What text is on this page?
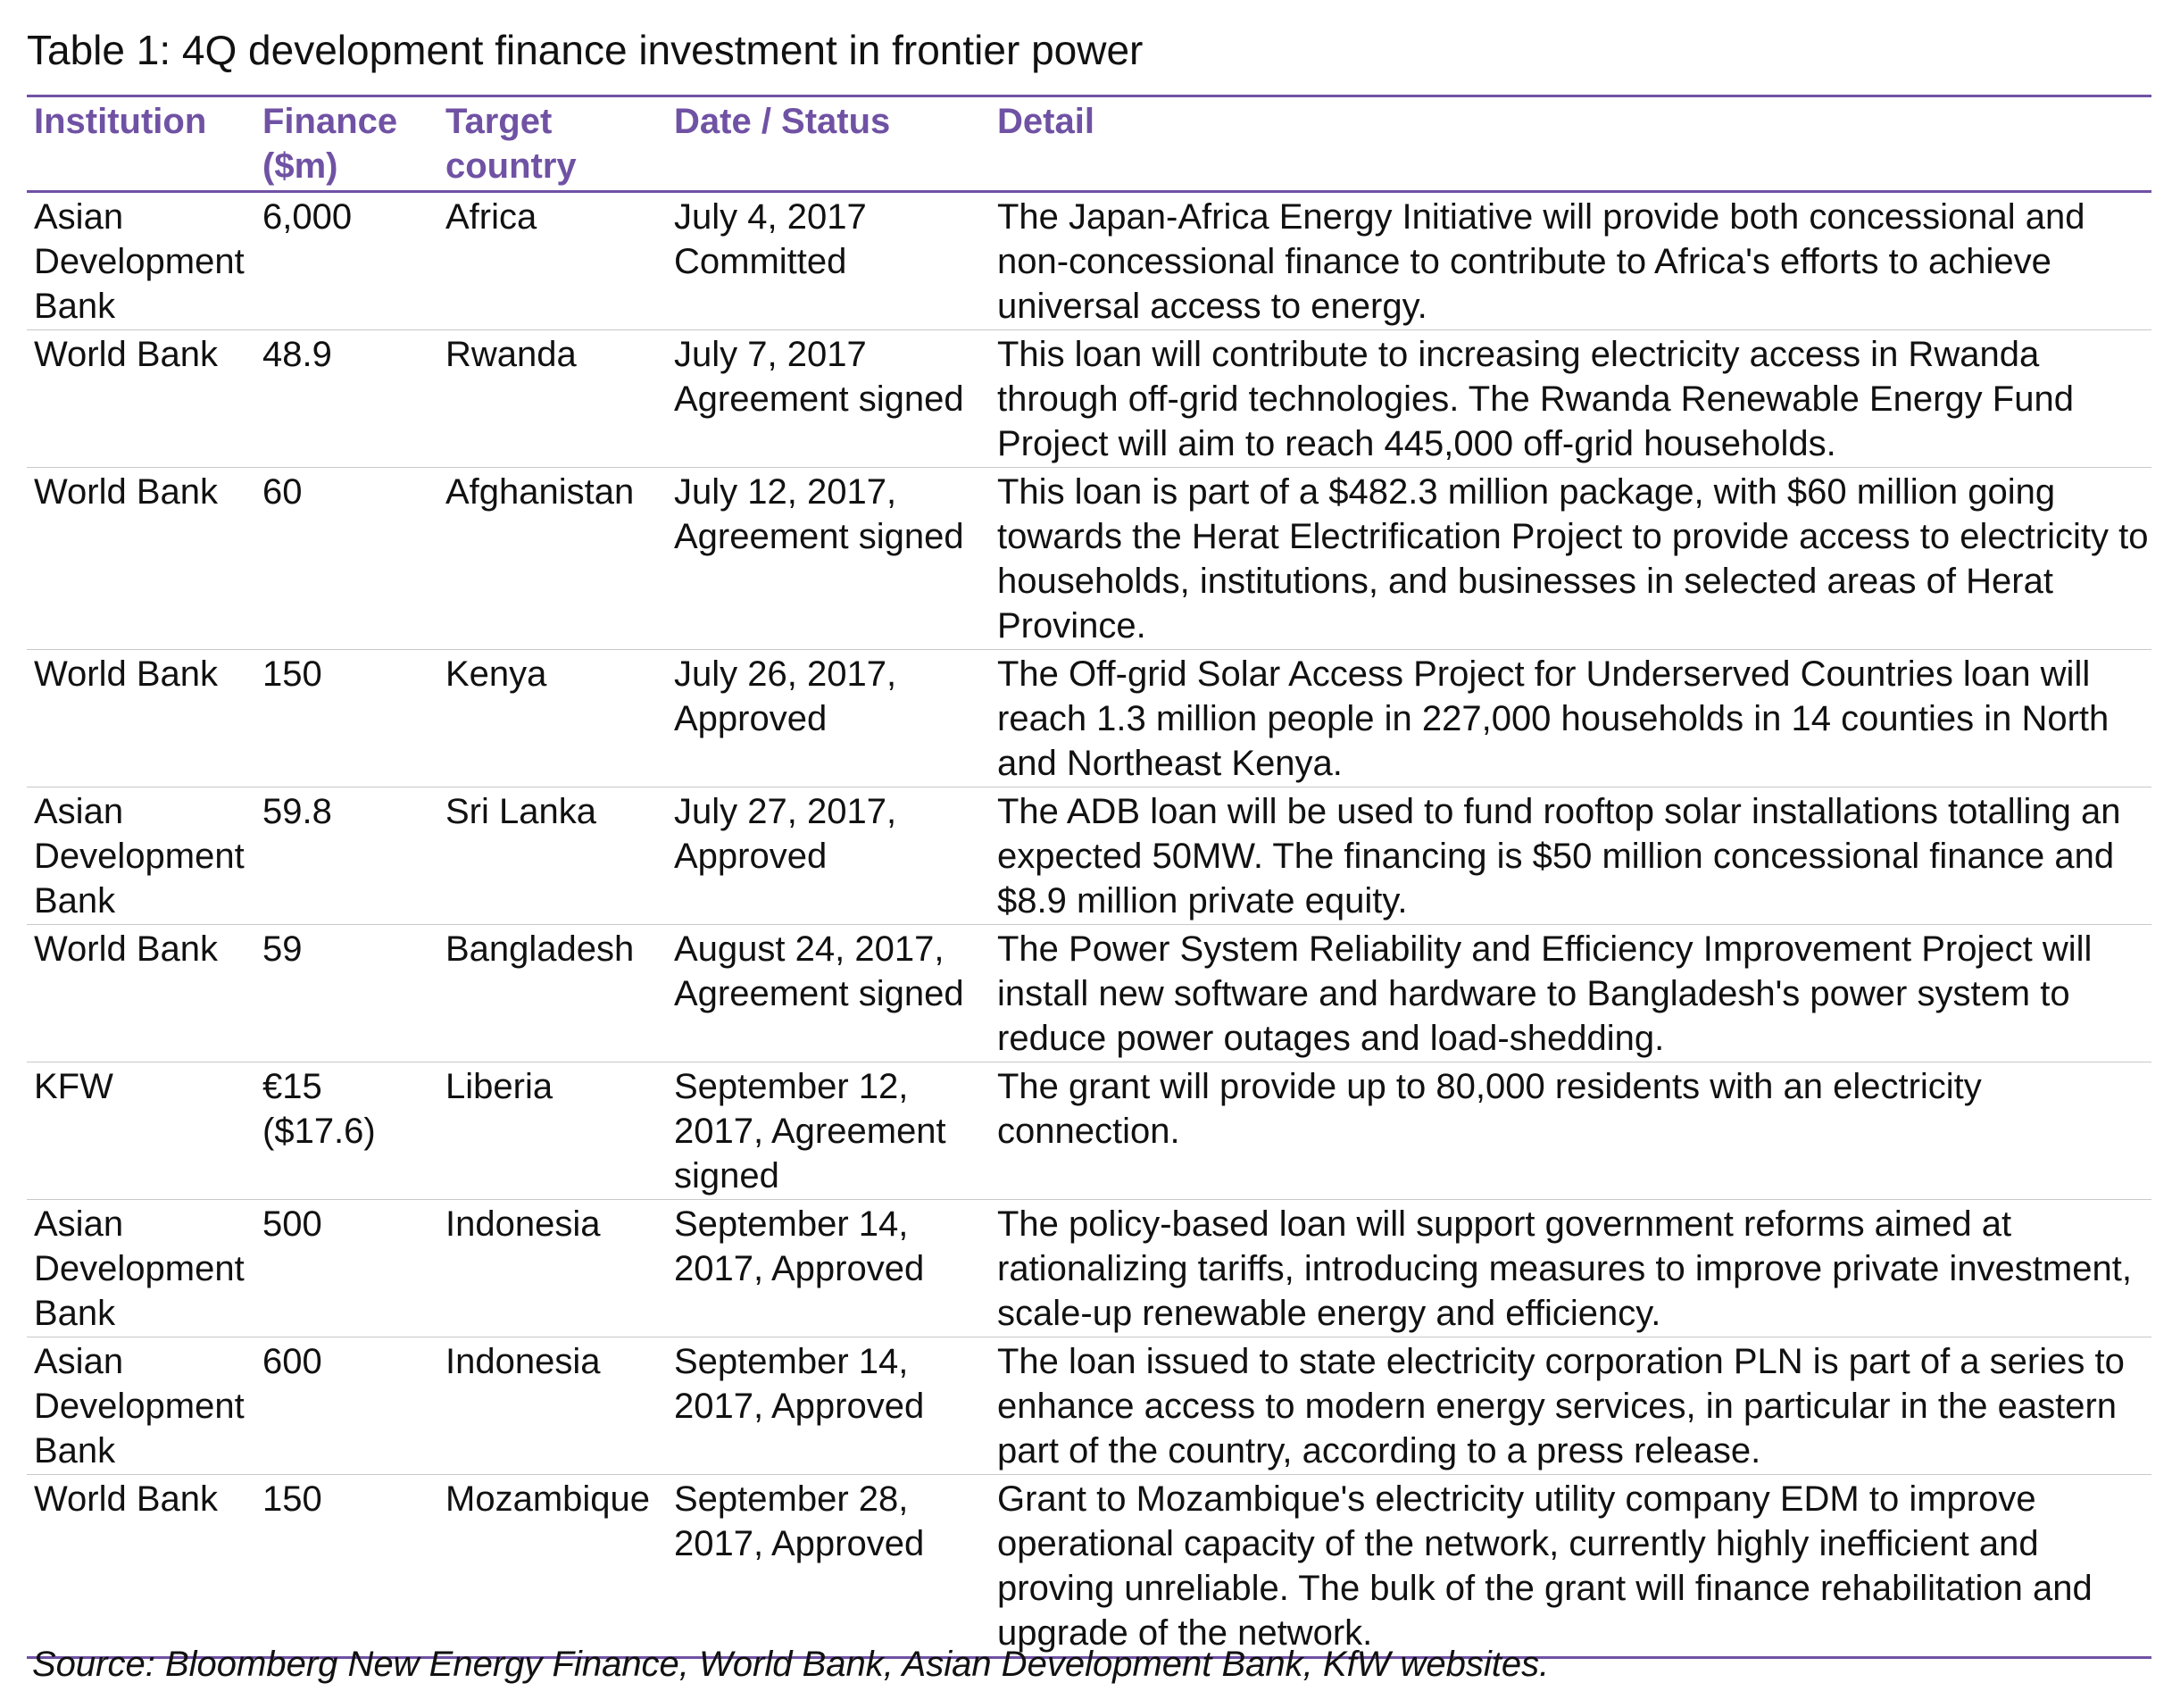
Table 1: 4Q development finance investment in frontier power
Institution	Finance ($m)	Target country	Date / Status	Detail
Asian Development Bank	6,000	Africa	July 4, 2017 Committed	The Japan-Africa Energy Initiative will provide both concessional and non-concessional finance to contribute to Africa's efforts to achieve universal access to energy.
World Bank	48.9	Rwanda	July 7, 2017 Agreement signed	This loan will contribute to increasing electricity access in Rwanda through off-grid technologies. The Rwanda Renewable Energy Fund Project will aim to reach 445,000 off-grid households.
World Bank	60	Afghanistan	July 12, 2017, Agreement signed	This loan is part of a $482.3 million package, with $60 million going towards the Herat Electrification Project to provide access to electricity to households, institutions, and businesses in selected areas of Herat Province.
World Bank	150	Kenya	July 26, 2017, Approved	The Off-grid Solar Access Project for Underserved Countries loan will reach 1.3 million people in 227,000 households in 14 counties in North and Northeast Kenya.
Asian Development Bank	59.8	Sri Lanka	July 27, 2017, Approved	The ADB loan will be used to fund rooftop solar installations totalling an expected 50MW. The financing is $50 million concessional finance and $8.9 million private equity.
World Bank	59	Bangladesh	August 24, 2017, Agreement signed	The Power System Reliability and Efficiency Improvement Project will install new software and hardware to Bangladesh's power system to reduce power outages and load-shedding.
KFW	€15 ($17.6)	Liberia	September 12, 2017, Agreement signed	The grant will provide up to 80,000 residents with an electricity connection.
Asian Development Bank	500	Indonesia	September 14, 2017, Approved	The policy-based loan will support government reforms aimed at rationalizing tariffs, introducing measures to improve private investment, scale-up renewable energy and efficiency.
Asian Development Bank	600	Indonesia	September 14, 2017, Approved	The loan issued to state electricity corporation PLN is part of a series to enhance access to modern energy services, in particular in the eastern part of the country, according to a press release.
World Bank	150	Mozambique	September 28, 2017, Approved	Grant to Mozambique's electricity utility company EDM to improve operational capacity of the network, currently highly inefficient and proving unreliable. The bulk of the grant will finance rehabilitation and upgrade of the network.
Source: Bloomberg New Energy Finance, World Bank, Asian Development Bank, KfW websites.
